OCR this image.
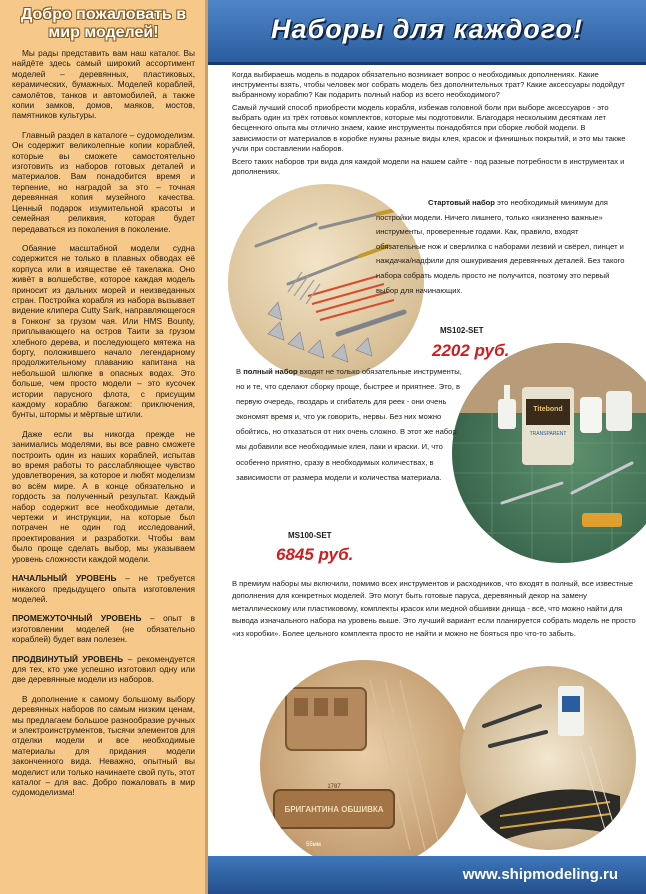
Добро пожаловать в мир моделей!

Мы рады представить вам наш каталог. Вы найдёте здесь самый широкий ассортимент моделей – деревянных, пластиковых, керамических, бумажных. Моделей кораблей, самолётов, танков и автомобилей, а также копии замков, домов, маяков, мостов, памятников культуры.

Главный раздел в каталоге – судомоделизм. Он содержит великолепные копии кораблей, которые вы сможете самостоятельно изготовить из наборов готовых деталей и материалов. Вам понадобится время и терпение, но наградой за это – точная деревянная копия музейного качества. Ценный подарок изумительной красоты и семейная реликвия, которая будет передаваться из поколения в поколение.

Обаяние масштабной модели судна содержится не только в плавных обводах её корпуса или в изяществе её такелажа. Оно живёт в волшебстве, которое каждая модель приносит из дальних морей и неизведанных стран. Постройка корабля из набора вызывает видение клипера Cutty Sark, направляющегося в Гонконг за грузом чая. Или HMS Bounty, приплывающего на остров Таити за грузом хлебного дерева, и последующего мятежа на борту, положившего начало легендарному продолжительному плаванию капитана на небольшой шлюпке в опасных водах. Это больше, чем просто модели – это кусочек истории парусного флота, с присущим каждому кораблю багажом: приключения, бунты, штормы и мёртвые штили.

Даже если вы никогда прежде не занимались моделями, вы все равно сможете построить один из наших кораблей, испытав во время работы то расслабляющее чувство удовлетворения, за которое и любят моделизм во всём мире. А в конце обязательно и гордость за полученный результат. Каждый набор содержит все необходимые детали, чертежи и инструкции, на которые был потрачен не один год исследований, проектирования и разработки. Чтобы вам было проще сделать выбор, мы указываем уровень сложности каждой модели.

НАЧАЛЬНЫЙ УРОВЕНЬ – не требуется никакого предыдущего опыта изготовления моделей.

ПРОМЕЖУТОЧНЫЙ УРОВЕНЬ – опыт в изготовлении моделей (не обязательно кораблей) будет вам полезен.

ПРОДВИНУТЫЙ УРОВЕНЬ – рекомендуется для тех, кто уже успешно изготовил одну или две деревянные модели из наборов.

В дополнение к самому большому выбору деревянных наборов по самым низким ценам, мы предлагаем большое разнообразие ручных и электроинструментов, тысячи элементов для отделки модели и все необходимые материалы для придания модели законченного вида. Неважно, опытный вы моделист или только начинаете свой путь, этот каталог – для вас. Добро пожаловать в мир судомоделизма!

Наборы для каждого!

Когда выбираешь модель в подарок обязательно возникает вопрос о необходимых дополнениях. Какие инструменты взять, чтобы человек мог собрать модель без дополнительных трат? Какие аксессуары подойдут выбранному кораблю? Как подарить полный набор из всего необходимого?

Самый лучший способ приобрести модель корабля, избежав головной боли при выборе аксессуаров - это выбрать один из трёх готовых комплектов, которые мы подготовили. Благодаря нескольким десяткам лет бесценного опыта мы отлично знаем, какие инструменты понадобятся при сборке любой модели. В зависимости от материалов в коробке нужны разные виды клея, красок и финишных покрытий, и это мы также учли при составлении наборов.

Всего таких наборов три вида для каждой модели на нашем сайте - под разные потребности в инструментах и дополнениях.

Стартовый набор это необходимый минимум для постройки модели. Ничего лишнего, только «жизненно важные» инструменты, проверенные годами. Как, правило, входят обязательные нож и сверлилка с наборами лезвий и свёрел, пинцет и наждачка/надфили для ошкуривания деревянных деталей. Без такого набора собрать модель просто не получится, поэтому это первый выбор для начинающих.

MS102-SET
2202 руб.
Titebond
TRANSPARENT

В полный набор входят не только обязательные инструменты, но и те, что сделают сборку проще, быстрее и приятнее. Это, в первую очередь, гвоздарь и сгибатель для реек - они очень экономят время и, что уж говорить, нервы. Без них можно обойтись, но отказаться от них очень сложно. В этот же набор мы добавили все необходимые клея, лаки и краски. И, что особенно приятно, сразу в необходимых количествах, в зависимости от размера модели и количества материала.

MS100-SET
6845 руб.

В премиум наборы мы включили, помимо всех инструментов и расходников, что входят в полный, все известные дополнения для конкретных моделей. Это могут быть готовые паруса, деревянный декор на замену металлическому или пластиковому, комплекты красок или медной обшивки днища - всё, что можно найти для вывода изначального набора на уровень выше. Это лучший вариант если планируется собрать модель не просто «из коробки». Более цельного комплекта просто не найти и можно не бояться про что-то забыть.

1787
БРИГАНТИНА ОБШИВКА
55мм
www.shipmodeling.ru
